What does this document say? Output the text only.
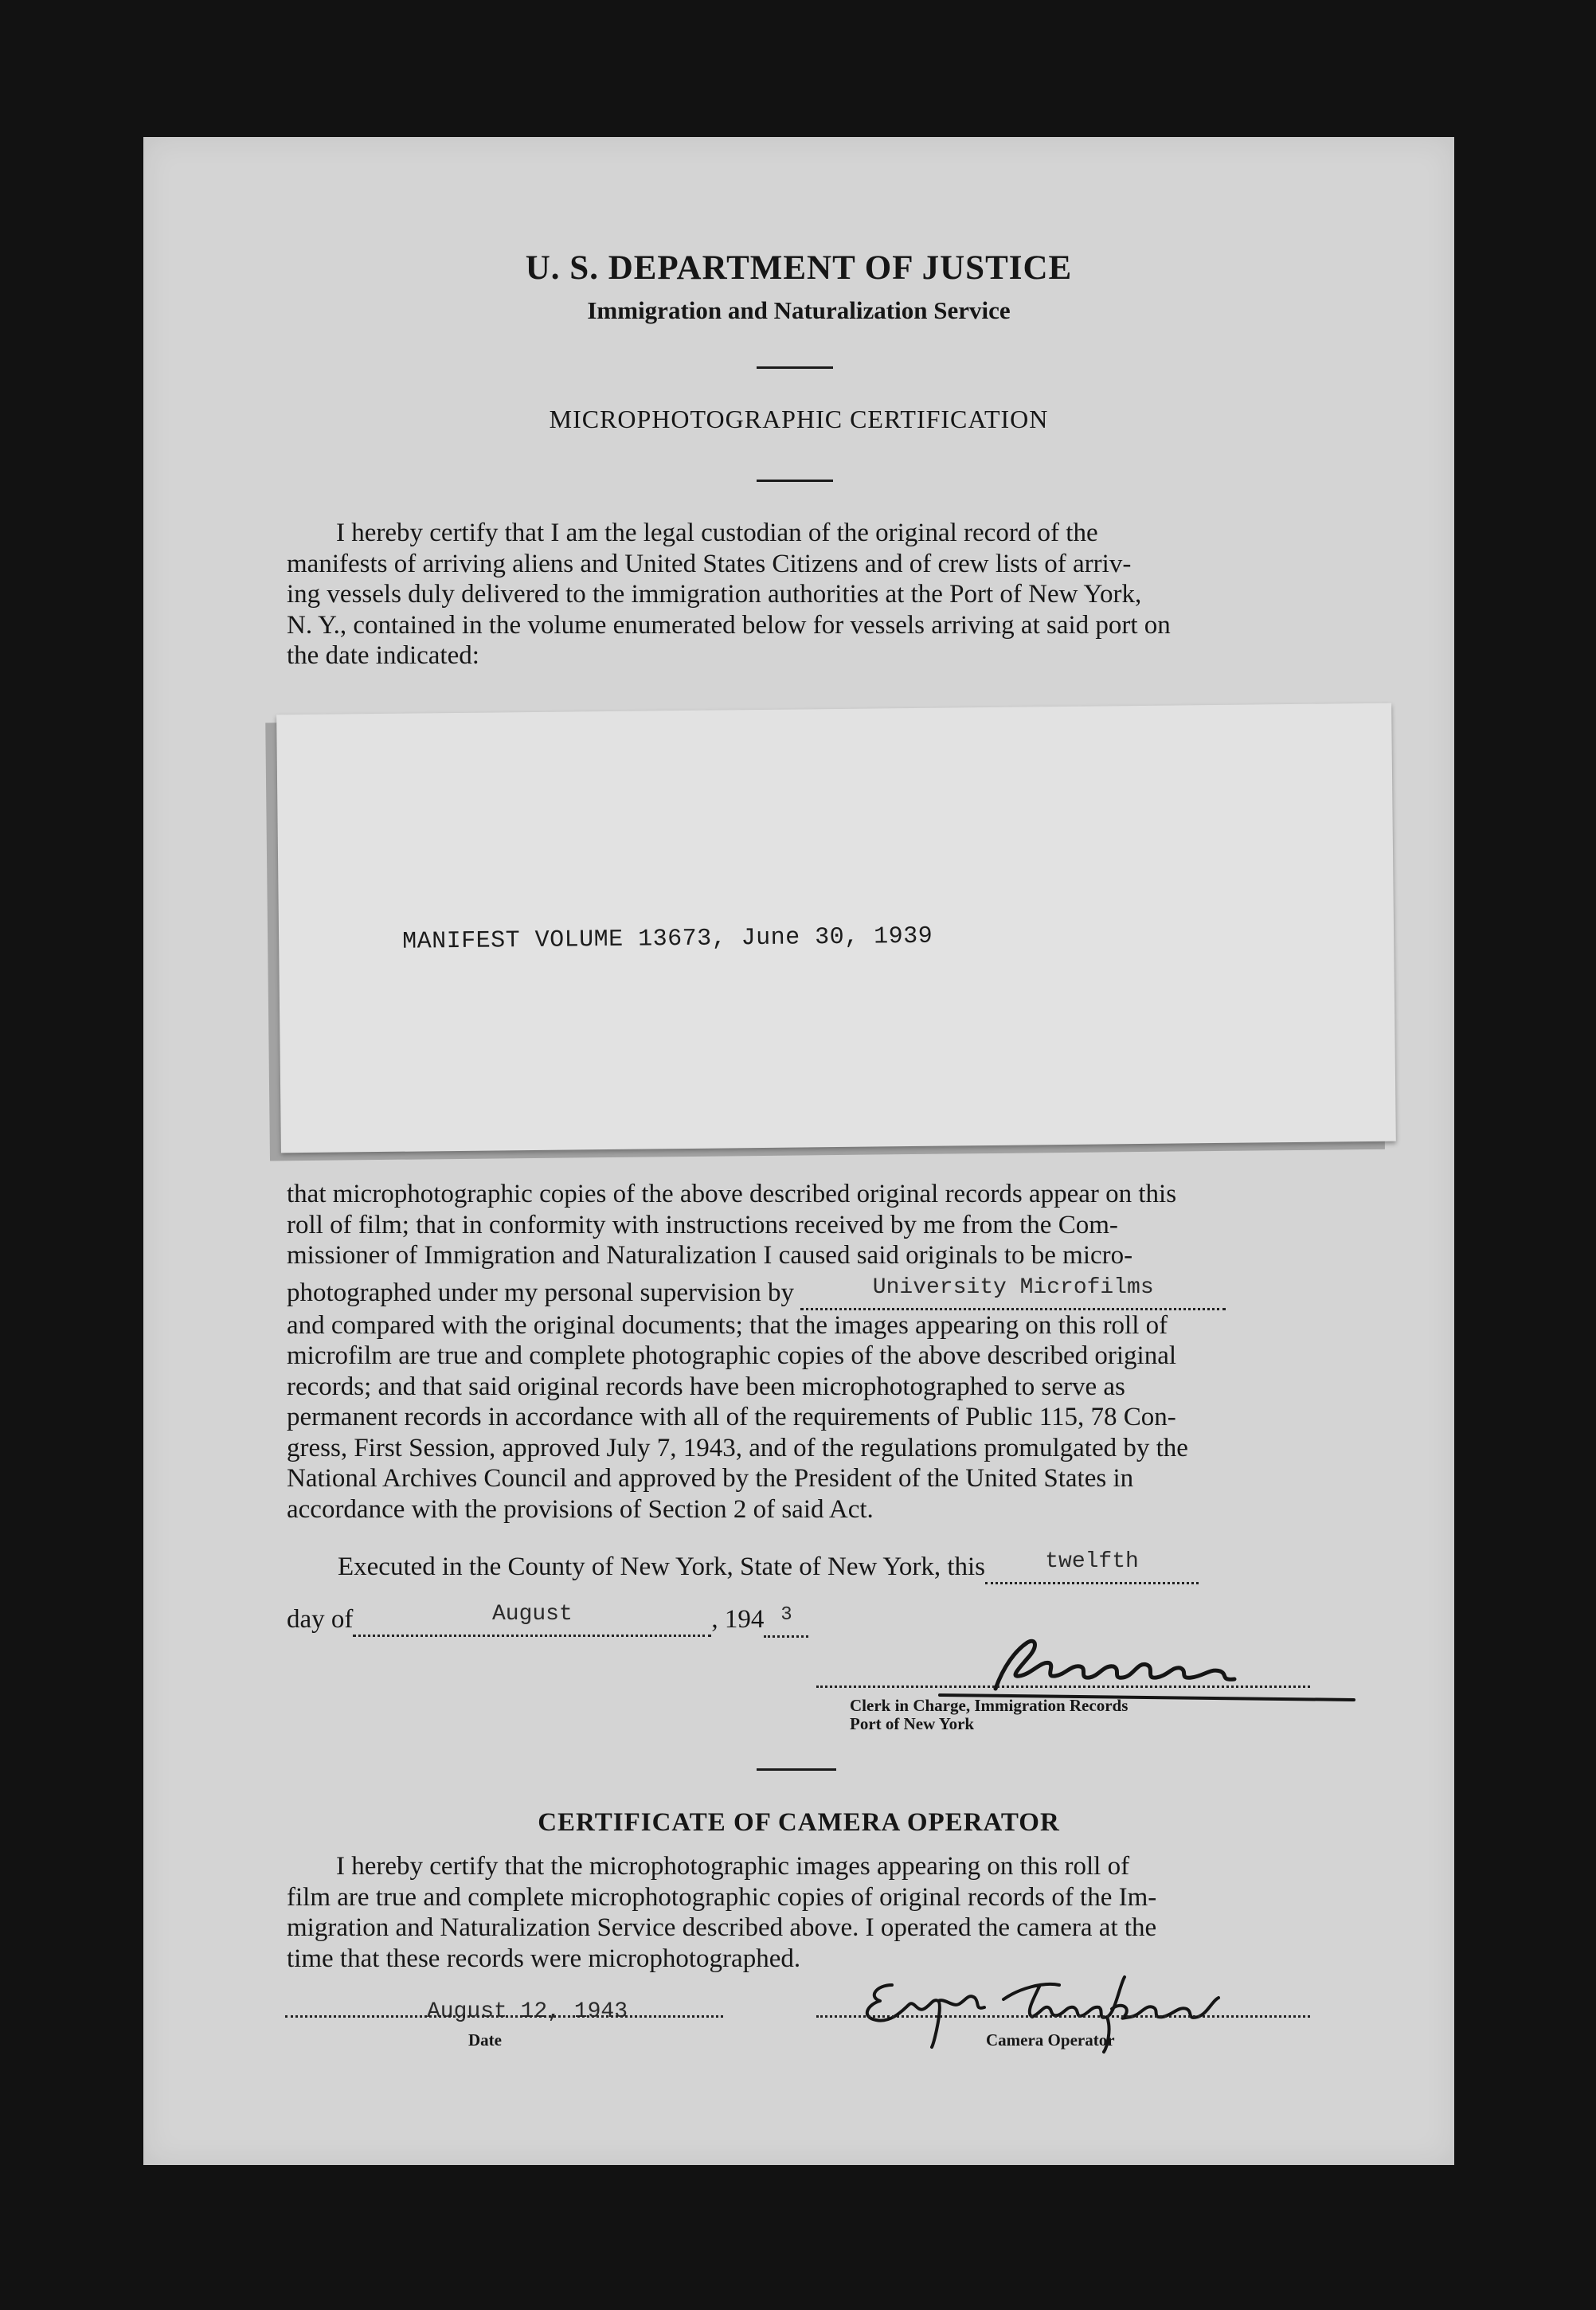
U. S. DEPARTMENT OF JUSTICE
Immigration and Naturalization Service
MICROPHOTOGRAPHIC CERTIFICATION
I hereby certify that I am the legal custodian of the original record of the
manifests of arriving aliens and United States Citizens and of crew lists of arriv-
ing vessels duly delivered to the immigration authorities at the Port of New York,
N. Y., contained in the volume enumerated below for vessels arriving at said port on
the date indicated:
MANIFEST VOLUME 13673, June 30, 1939
that microphotographic copies of the above described original records appear on this
roll of film; that in conformity with instructions received by me from the Com-
missioner of Immigration and Naturalization I caused said originals to be micro-
photographed under my personal supervision by	$^{University Microfilms}$
and compared with the original documents; that the images appearing on this roll of
microfilm are true and complete photographic copies of the above described original
records; and that said original records have been microphotographed to serve as
permanent records in accordance with all of the requirements of Public 115, 78 Con-
gress, First Session, approved July 7, 1943, and of the regulations promulgated by the
National Archives Council and approved by the President of the United States in
accordance with the provisions of Section 2 of said Act.
Executed in the County of New York, State of New York, this	$^{twelfth}$
day of	$^{August}$	, 194 $^3$
Clerk in Charge, Immigration Records
Port of New York
CERTIFICATE OF CAMERA OPERATOR
I hereby certify that the microphotographic images appearing on this roll of
film are true and complete microphotographic copies of original records of the Im-
migration and Naturalization Service described above. I operated the camera at the
time that these records were microphotographed.
August 12, 1943
Date	Camera Operator
